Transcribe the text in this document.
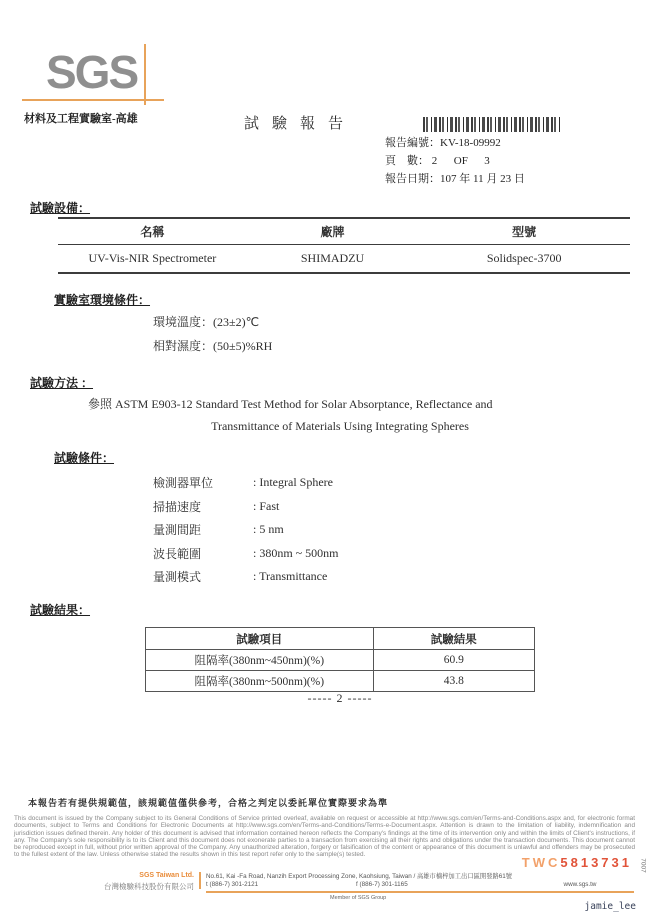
SGS
材料及工程實驗室-高雄	試驗報告
報告編號：KV-18-09992
頁    數： 2      OF      3
報告日期：107 年 11 月 23 日
試驗設備：
名稱	廠牌	型號
UV-Vis-NIR Spectrometer	SHIMADZU	Solidspec-3700
實驗室環境條件：
環境溫度：(23±2)℃
相對濕度：(50±5)%RH
試驗方法 ：
參照 ASTM E903-12 Standard Test Method for Solar Absorptance, Reflectance and
Transmittance of Materials Using Integrating Spheres
試驗條件：
檢測器單位	: Integral Sphere
掃描速度	: Fast
量測間距	: 5 nm
波長範圍	: 380nm ~ 500nm
量測模式	: Transmittance
試驗結果：
試驗項目	試驗結果
阻隔率(380nm~450nm)(%)	60.9
阻隔率(380nm~500nm)(%)	43.8
----- 2 -----
本報告若有提供規範值，該規範值僅供參考，合格之判定以委託單位實際要求為準
This document is issued by the Company subject to its General Conditions of Service printed overleaf, available on request or accessible at http://www.sgs.com/en/Terms-and-Conditions.aspx and, for electronic format documents, subject to Terms and Conditions for Electronic Documents at http://www.sgs.com/en/Terms-and-Conditions/Terms-e-Document.aspx. Attention is drawn to the limitation of liability, indemnification and jurisdiction issues defined therein. Any holder of this document is advised that information contained hereon reflects the Company's findings at the time of its intervention only and within the limits of Client's instructions, if any. The Company's sole responsibility is to its Client and this document does not exonerate parties to a transaction from exercising all their rights and obligations under the transaction documents. This document cannot be reproduced except in full, without prior written approval of the Company. Any unauthorized alteration, forgery or falsification of the content or appearance of this document is unlawful and offenders may be prosecuted to the fullest extent of the law. Unless otherwise stated the results shown in this test report refer only to the sample(s) tested.
TWC5813731
SGS Taiwan Ltd.
台灣檢驗科技股份有限公司
No.61, Kai -Fa Road, Nanzih Export Processing Zone, Kaohsiung, Taiwan / 高雄市楠梓加工出口區開發路61號
t (886-7) 301-2121	f (886-7) 301-1165	www.sgs.tw
Member of SGS Group
jamie_lee
7007
